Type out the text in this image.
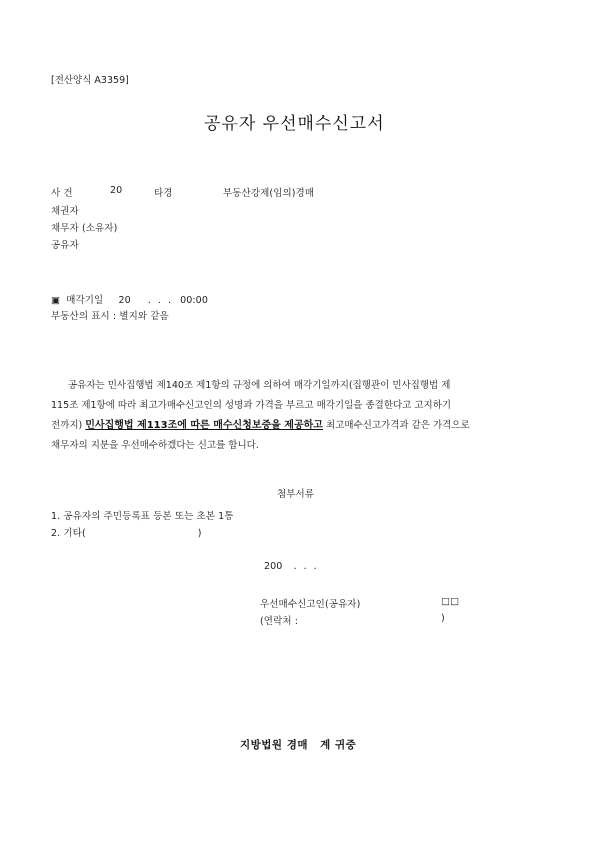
[전산양식 A3359]
공유자 우선매수신고서
사 건	20	타경	부동산강제(임의)경매
채권자
채무자 (소유자)
공유자
▣ 매각기일 20 . . . 00:00
부동산의 표시 : 별지와 같음
공유자는 민사집행법 제140조 제1항의 규정에 의하여 매각기일까지(집행관이 민사집행법 제
115조 제1항에 따라 최고가매수신고인의 성명과 가격을 부르고 매각기일을 종결한다고 고지하기
전까지) 민사집행법 제113조에 따른 매수신청보증을 제공하고 최고매수신고가격과 같은 가격으로
채무자의 지분을 우선매수하겠다는 신고를 합니다.
첨부서류
1. 공유자의 주민등록표 등본 또는 초본 1통
2. 기타(	)
200 . . .
우선매수신고인(공유자)	□□
(연락처 :	)
지방법원 경매 계 귀중
